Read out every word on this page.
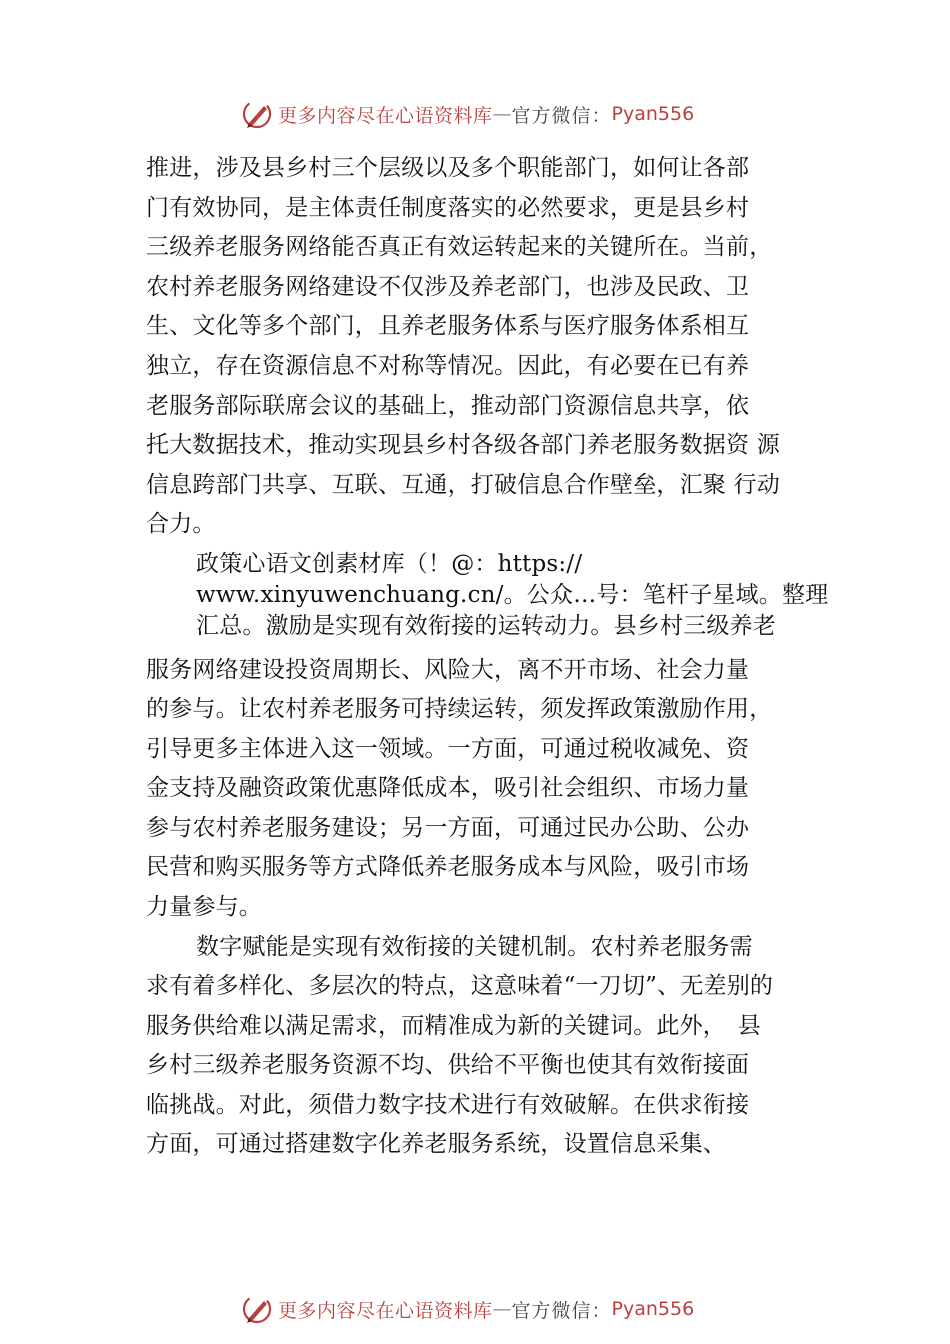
更多内容尽在心语资料库 — 官方微信： Pyan556
推进，涉及县乡村三个层级以及多个职能部门，如何让各部
门有效协同，是主体责任制度落实的必然要求，更是县乡村
三级养老服务网络能否真正有效运转起来的关键所在。当前，
农村养老服务网络建设不仅涉及养老部门，也涉及民政、卫
生、文化等多个部门，且养老服务体系与医疗服务体系相互
独立，存在资源信息不对称等情况。因此，有必要在已有养
老服务部际联席会议的基础上，推动部门资源信息共享，依
托大数据技术，推动实现县乡村各级各部门养老服务数据资 源
信息跨部门共享、互联、互通，打破信息合作壁垒，汇聚 行动
合力。
政策心语文创素材库（！@：https://
www.xinyuwenchuang.cn/。公众…号：笔杆子星域。整理
汇总。激励是实现有效衔接的运转动力。县乡村三级养老
服务网络建设投资周期长、风险大，离不开市场、社会力量
的参与。让农村养老服务可持续运转，须发挥政策激励作用，
引导更多主体进入这一领域。一方面，可通过税收减免、资
金支持及融资政策优惠降低成本，吸引社会组织、市场力量
参与农村养老服务建设；另一方面，可通过民办公助、公办
民营和购买服务等方式降低养老服务成本与风险，吸引市场
力量参与。
数字赋能是实现有效衔接的关键机制。农村养老服务需
求有着多样化、多层次的特点，这意味着“一刀切”、无差别的
服务供给难以满足需求，而精准成为新的关键词。此外，　县
乡村三级养老服务资源不均、供给不平衡也使其有效衔接面
临挑战。对此，须借力数字技术进行有效破解。在供求衔接
方面，可通过搭建数字化养老服务系统，设置信息采集、
更多内容尽在心语资料库 — 官方微信： Pyan556
